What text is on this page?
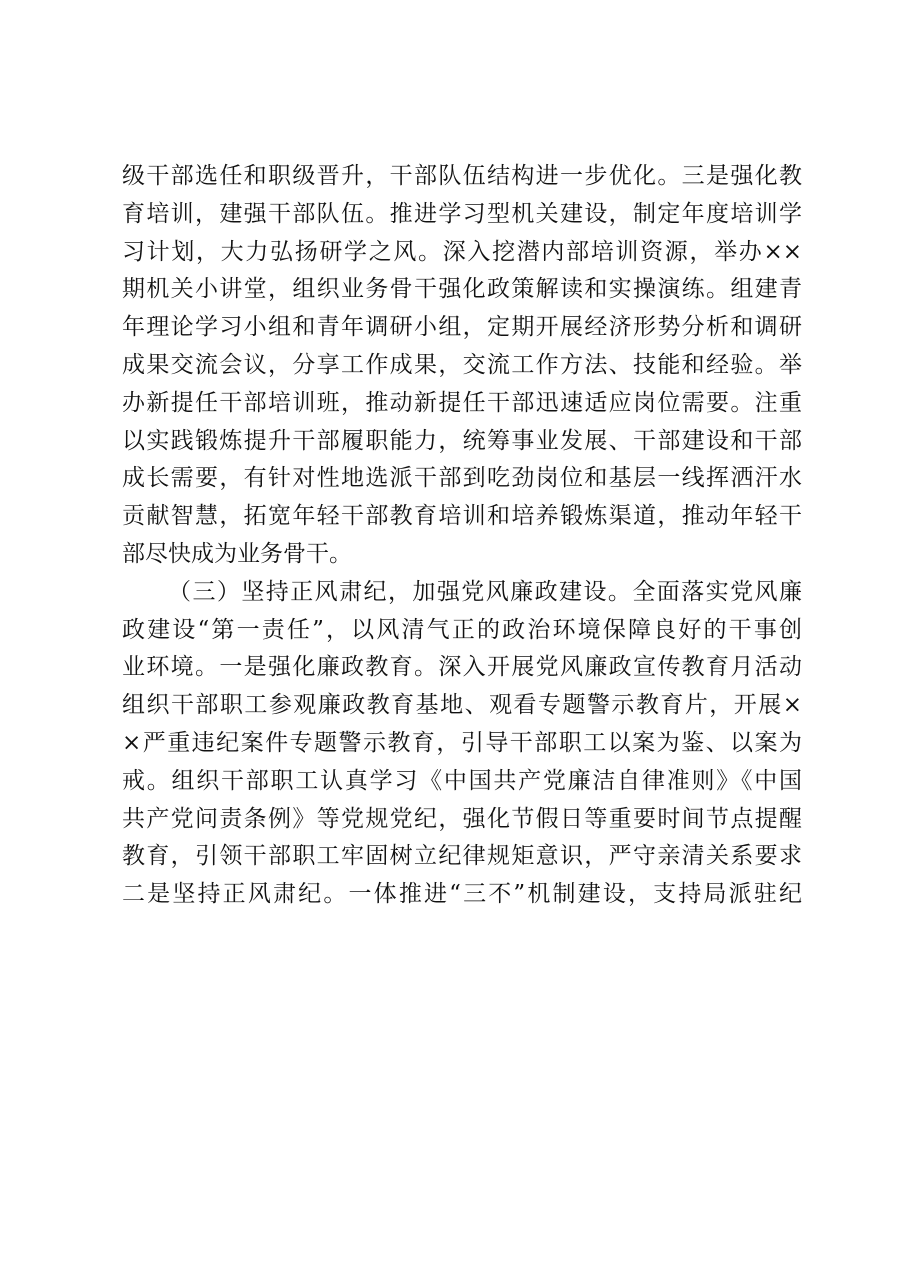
级干部选任和职级晋升，干部队伍结构进一步优化。三是强化教
育培训，建强干部队伍。推进学习型机关建设，制定年度培训学
习计划，大力弘扬研学之风。深入挖潜内部培训资源，举办××
期机关小讲堂，组织业务骨干强化政策解读和实操演练。组建青
年理论学习小组和青年调研小组，定期开展经济形势分析和调研
成果交流会议，分享工作成果，交流工作方法、技能和经验。举
办新提任干部培训班，推动新提任干部迅速适应岗位需要。注重
以实践锻炼提升干部履职能力，统筹事业发展、干部建设和干部
成长需要，有针对性地选派干部到吃劲岗位和基层一线挥洒汗水
贡献智慧，拓宽年轻干部教育培训和培养锻炼渠道，推动年轻干
部尽快成为业务骨干。
（三）坚持正风肃纪，加强党风廉政建设。全面落实党风廉
政建设“第一责任”，以风清气正的政治环境保障良好的干事创
业环境。一是强化廉政教育。深入开展党风廉政宣传教育月活动
组织干部职工参观廉政教育基地、观看专题警示教育片，开展×
×严重违纪案件专题警示教育，引导干部职工以案为鉴、以案为
戒。组织干部职工认真学习《中国共产党廉洁自律准则》《中国
共产党问责条例》等党规党纪，强化节假日等重要时间节点提醒
教育，引领干部职工牢固树立纪律规矩意识，严守亲清关系要求
二是坚持正风肃纪。一体推进“三不”机制建设，支持局派驻纪
